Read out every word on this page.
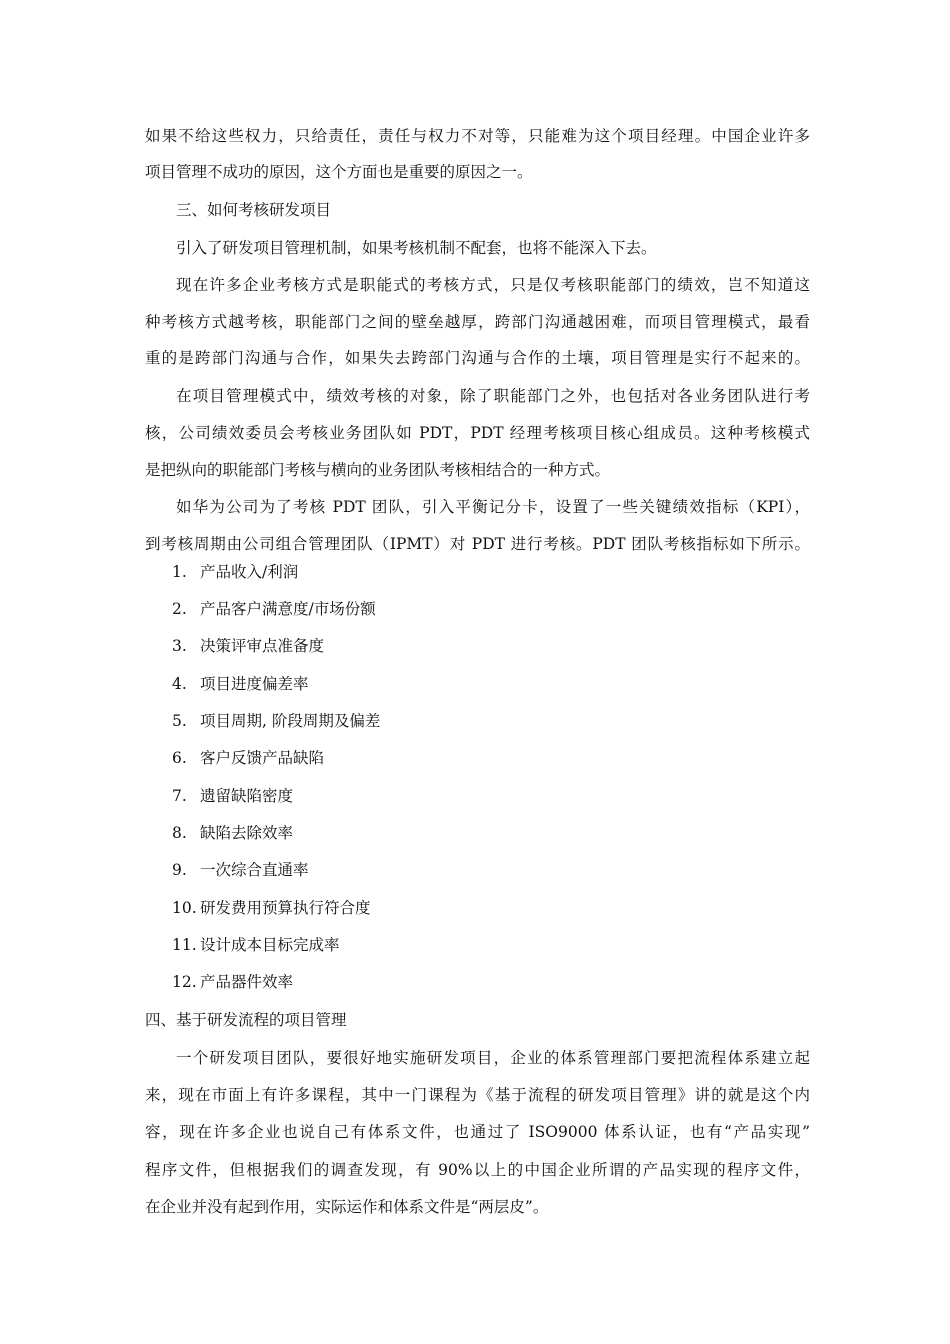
如果不给这些权力，只给责任，责任与权力不对等，只能难为这个项目经理。中国企业许多
项目管理不成功的原因，这个方面也是重要的原因之一。
三、如何考核研发项目
引入了研发项目管理机制，如果考核机制不配套，也将不能深入下去。
现在许多企业考核方式是职能式的考核方式，只是仅考核职能部门的绩效，岂不知道这
种考核方式越考核，职能部门之间的壁垒越厚，跨部门沟通越困难，而项目管理模式，最看
重的是跨部门沟通与合作，如果失去跨部门沟通与合作的土壤，项目管理是实行不起来的。
在项目管理模式中，绩效考核的对象，除了职能部门之外，也包括对各业务团队进行考
核，公司绩效委员会考核业务团队如 PDT，PDT 经理考核项目核心组成员。这种考核模式
是把纵向的职能部门考核与横向的业务团队考核相结合的一种方式。
如华为公司为了考核 PDT 团队，引入平衡记分卡，设置了一些关键绩效指标（KPI），
到考核周期由公司组合管理团队（IPMT）对 PDT 进行考核。PDT 团队考核指标如下所示。
1. 产品收入/利润
2. 产品客户满意度/市场份额
3. 决策评审点准备度
4. 项目进度偏差率
5. 项目周期, 阶段周期及偏差
6. 客户反馈产品缺陷
7. 遗留缺陷密度
8. 缺陷去除效率
9. 一次综合直通率
10. 研发费用预算执行符合度
11. 设计成本目标完成率
12. 产品器件效率
四、基于研发流程的项目管理
一个研发项目团队，要很好地实施研发项目，企业的体系管理部门要把流程体系建立起
来，现在市面上有许多课程，其中一门课程为《基于流程的研发项目管理》讲的就是这个内
容，现在许多企业也说自己有体系文件，也通过了 ISO9000 体系认证，也有“产品实现”
程序文件，但根据我们的调查发现，有 90%以上的中国企业所谓的产品实现的程序文件，
在企业并没有起到作用，实际运作和体系文件是“两层皮”。
